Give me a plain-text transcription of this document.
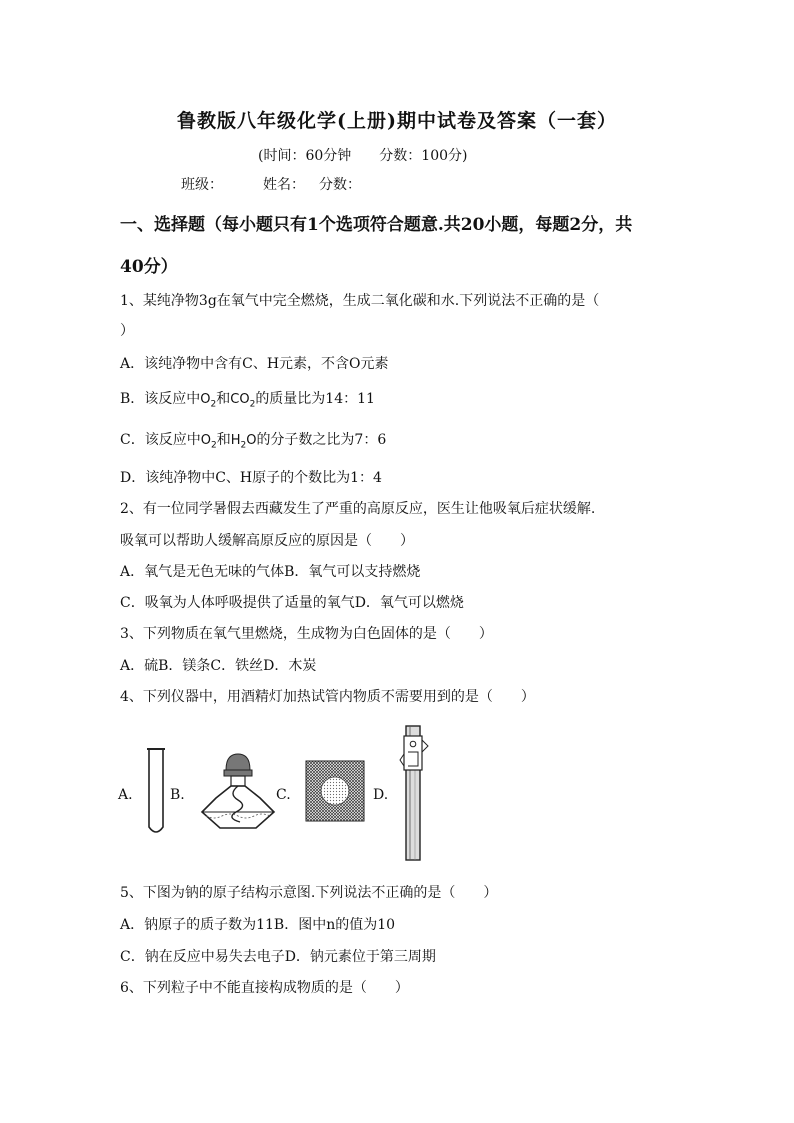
鲁教版八年级化学(上册)期中试卷及答案（一套）
(时间：60分钟 分数：100分)
班级：	姓名： 分数：
一、选择题（每小题只有1个选项符合题意.共20小题，每题2分，共
40分）
1、某纯净物3g在氧气中完全燃烧，生成二氧化碳和水.下列说法不正确的是（
）
A．该纯净物中含有C、H元素，不含O元素
B．该反应中$O_2$和$CO_2$的质量比为14：11
C．该反应中$O_2$和$H_2O$的分子数之比为7：6
D．该纯净物中C、H原子的个数比为1：4
2、有一位同学暑假去西藏发生了严重的高原反应，医生让他吸氧后症状缓解.
吸氧可以帮助人缓解高原反应的原因是（　　）
A．氧气是无色无味的气体B．氧气可以支持燃烧
C．吸氧为人体呼吸提供了适量的氧气D．氧气可以燃烧
3、下列物质在氧气里燃烧，生成物为白色固体的是（　　）
A．硫B．镁条C．铁丝D．木炭
4、下列仪器中，用酒精灯加热试管内物质不需要用到的是（　　）
A.	B.	C.	D.
5、下图为钠的原子结构示意图.下列说法不正确的是（　　）
A．钠原子的质子数为11B．图中n的值为10
C．钠在反应中易失去电子D．钠元素位于第三周期
6、下列粒子中不能直接构成物质的是（　　）
